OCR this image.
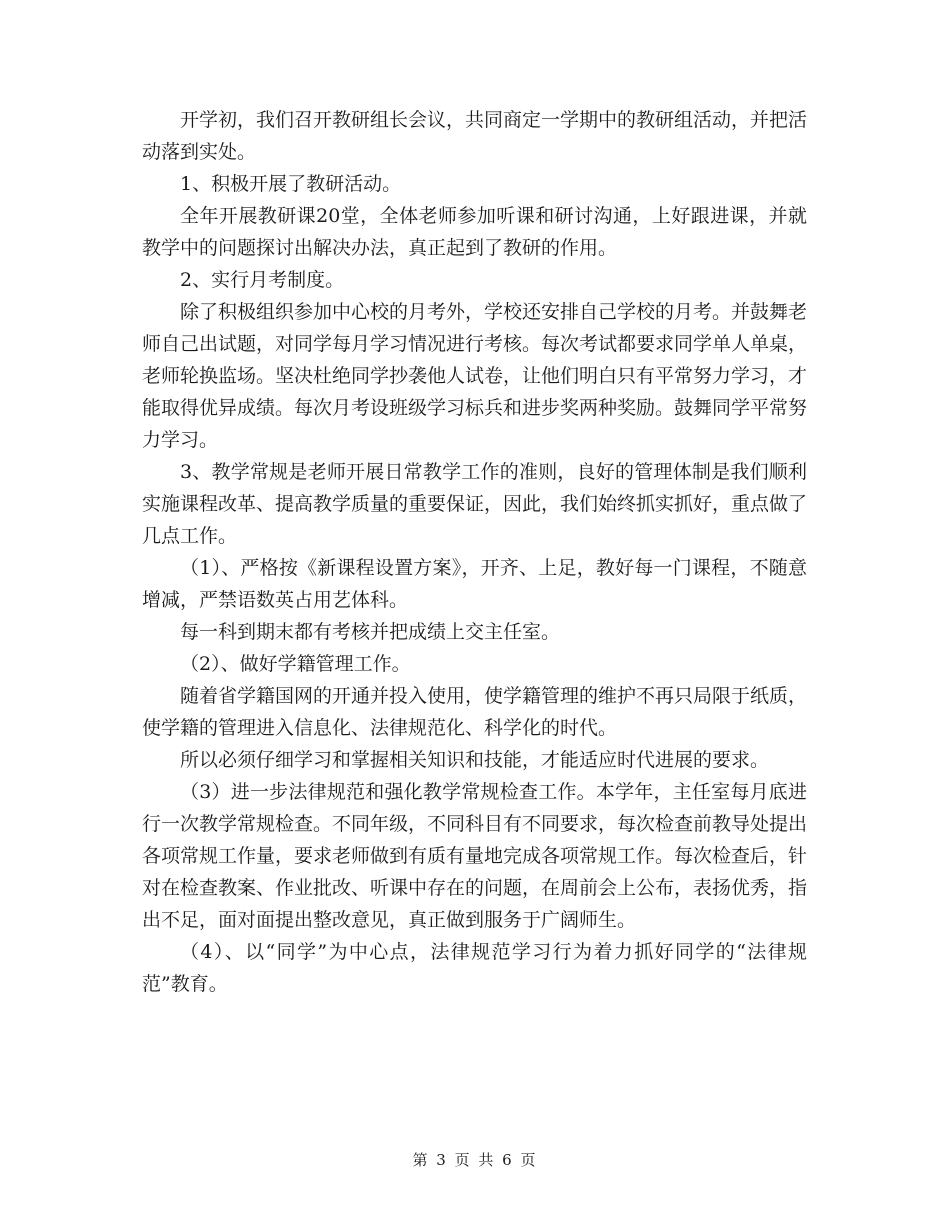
开学初，我们召开教研组长会议，共同商定一学期中的教研组活动，并把活动落到实处。

1、积极开展了教研活动。

全年开展教研课20堂，全体老师参加听课和研讨沟通，上好跟进课，并就教学中的问题探讨出解决办法，真正起到了教研的作用。

2、实行月考制度。

除了积极组织参加中心校的月考外，学校还安排自己学校的月考。并鼓舞老师自己出试题，对同学每月学习情况进行考核。每次考试都要求同学单人单桌，老师轮换监场。坚决杜绝同学抄袭他人试卷，让他们明白只有平常努力学习，才能取得优异成绩。每次月考设班级学习标兵和进步奖两种奖励。鼓舞同学平常努力学习。

3、教学常规是老师开展日常教学工作的准则，良好的管理体制是我们顺利实施课程改革、提高教学质量的重要保证，因此，我们始终抓实抓好，重点做了几点工作。

（1）、严格按《新课程设置方案》，开齐、上足，教好每一门课程，不随意增减，严禁语数英占用艺体科。

每一科到期末都有考核并把成绩上交主任室。

（2）、做好学籍管理工作。

随着省学籍国网的开通并投入使用，使学籍管理的维护不再只局限于纸质，使学籍的管理进入信息化、法律规范化、科学化的时代。

所以必须仔细学习和掌握相关知识和技能，才能适应时代进展的要求。

（3）进一步法律规范和强化教学常规检查工作。本学年，主任室每月底进行一次教学常规检查。不同年级，不同科目有不同要求，每次检查前教导处提出各项常规工作量，要求老师做到有质有量地完成各项常规工作。每次检查后，针对在检查教案、作业批改、听课中存在的问题，在周前会上公布，表扬优秀，指出不足，面对面提出整改意见，真正做到服务于广阔师生。

（4）、以“同学”为中心点，法律规范学习行为着力抓好同学的“法律规范”教育。

第 3 页 共 6 页
